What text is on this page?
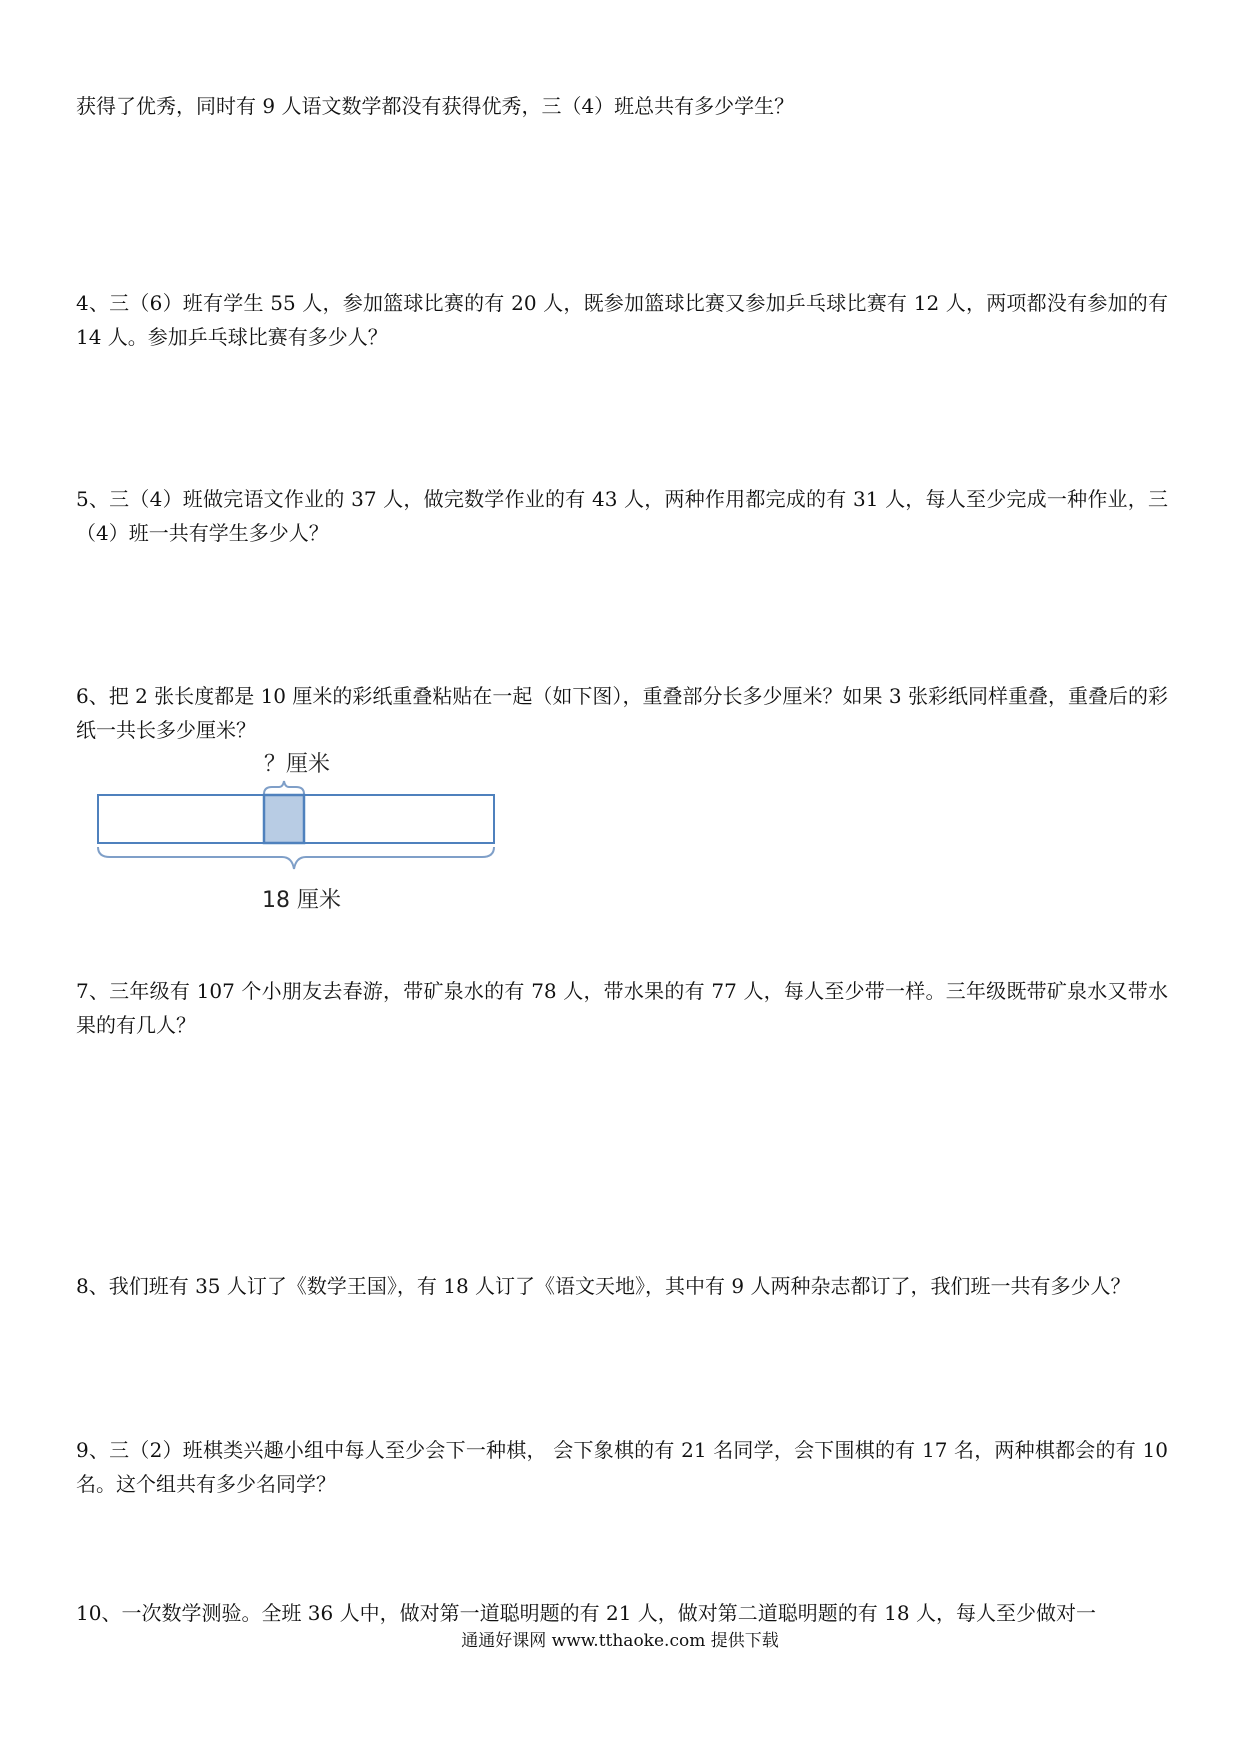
获得了优秀，同时有 9 人语文数学都没有获得优秀，三（4）班总共有多少学生？

4、三（6）班有学生 55 人，参加篮球比赛的有 20 人，既参加篮球比赛又参加乒乓球比赛有 12 人，两项都没有参加的有 14 人。参加乒乓球比赛有多少人？

5、三（4）班做完语文作业的 37 人，做完数学作业的有 43 人，两种作用都完成的有 31 人，每人至少完成一种作业，三（4）班一共有学生多少人？

6、把 2 张长度都是 10 厘米的彩纸重叠粘贴在一起（如下图），重叠部分长多少厘米？如果 3 张彩纸同样重叠，重叠后的彩纸一共长多少厘米？

？厘米
18 厘米

7、三年级有 107 个小朋友去春游，带矿泉水的有 78 人，带水果的有 77 人，每人至少带一样。三年级既带矿泉水又带水果的有几人？

8、我们班有 35 人订了《数学王国》，有 18 人订了《语文天地》，其中有 9 人两种杂志都订了，我们班一共有多少人？

9、三（2）班棋类兴趣小组中每人至少会下一种棋， 会下象棋的有 21 名同学，会下围棋的有 17 名，两种棋都会的有 10 名。这个组共有多少名同学？

10、一次数学测验。全班 36 人中，做对第一道聪明题的有 21 人，做对第二道聪明题的有 18 人，每人至少做对一

通通好课网 www.tthaoke.com 提供下载
